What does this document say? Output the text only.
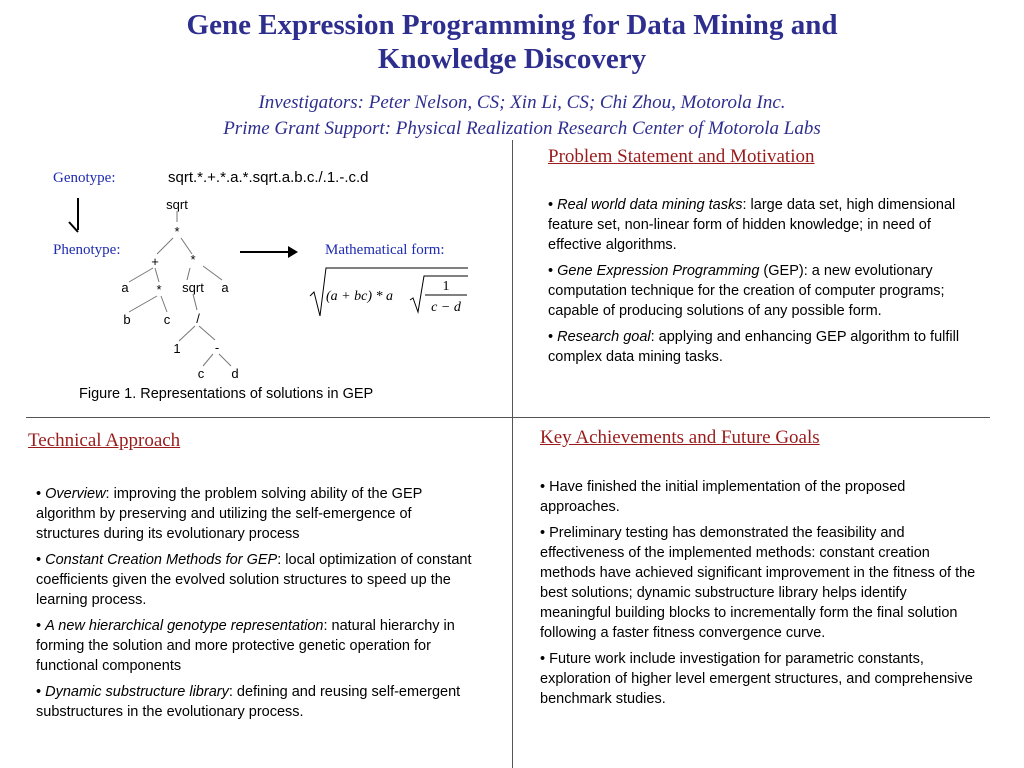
Gene Expression Programming for Data Mining and
Knowledge Discovery
Investigators: Peter Nelson, CS; Xin Li, CS; Chi Zhou, Motorola Inc.
Prime Grant Support: Physical Realization Research Center of Motorola Labs
Genotype:	sqrt.*.+.*.a.*.sqrt.a.b.c./.1.-.c.d
Phenotype:	Mathematical form:
sqrt
*
+ *
a * sqrt a
b	c /
1	-
c d
(a + bc) * a
1
c − d
Figure 1. Representations of solutions in GEP
Problem Statement and Motivation

• Real world data mining tasks: large data set, high dimensional feature set, non-linear form of hidden knowledge; in need of effective algorithms.

• Gene Expression Programming (GEP): a new evolutionary computation technique for the creation of computer programs; capable of producing solutions of any possible form.

• Research goal: applying and enhancing GEP algorithm to fulfill complex data mining tasks.

Technical Approach

• Overview: improving the problem solving ability of the GEP algorithm by preserving and utilizing the self-emergence of structures during its evolutionary process

• Constant Creation Methods for GEP: local optimization of constant coefficients given the evolved solution structures to speed up the learning process.

• A new hierarchical genotype representation: natural hierarchy in forming the solution and more protective genetic operation for functional components

• Dynamic substructure library: defining and reusing self-emergent substructures in the evolutionary process.

Key Achievements and Future Goals

• Have finished the initial implementation of the proposed approaches.

• Preliminary testing has demonstrated the feasibility and effectiveness of the implemented methods: constant creation methods have achieved significant improvement in the fitness of the best solutions; dynamic substructure library helps identify meaningful building blocks to incrementally form the final solution following a faster fitness convergence curve.

• Future work include investigation for parametric constants, exploration of higher level emergent structures, and comprehensive benchmark studies.
